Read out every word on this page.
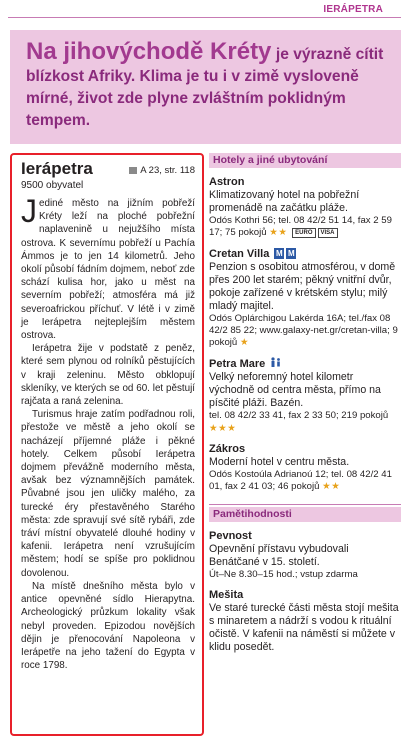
IERÁPETRA
Na jihovýchodě Kréty je výrazně cítit blízkost Afriky. Klima je tu i v zimě vysloveně mírné, život zde plyne zvláštním poklidným tempem.
Ierápetra	A 23, str. 118
9500 obyvatel

Jediné město na jižním pobřeží Kréty leží na ploché pobřežní naplavenině u nejužšího místa ostrova. K severnímu pobřeží u Pachía Ámmos je to jen 14 kilometrů. Jeho okolí působí fádním dojmem, neboť zde schází kulisa hor, jako u měst na severním pobřeží; atmosféra má již severoafrickou příchuť. V létě i v zimě je Ierápetra nejteplejším městem ostrova.

Ierápetra žije v podstatě z peněz, které sem plynou od rolníků pěstujících v kraji zeleninu. Město obklopují skleníky, ve kterých se od 60. let pěstují rajčata a raná zelenina.

Turismus hraje zatím podřadnou roli, přestože ve městě a jeho okolí se nacházejí příjemné pláže i pěkné hotely. Celkem působí Ierápetra dojmem převážně moderního města, avšak bez významnějších památek. Půvabné jsou jen uličky malého, za turecké éry přestavěného Starého města: zde spravují své sítě rybáři, zde tráví místní obyvatelé dlouhé hodiny v kafenii. Ierápetra není vzrušujícím městem; hodí se spíše pro poklidnou dovolenou.

Na místě dnešního města bylo v antice opevněné sídlo Hierapytna. Archeologický průzkum lokality však nebyl proveden. Epizodou novějších dějin je přenocování Napoleona v Ierápetře na jeho tažení do Egypta v roce 1798.

Hotely a jiné ubytování
Astron
Klimatizovaný hotel na pobřežní promenádě na začátku pláže.
Odós Kothri 56; tel. 08 42/2 51 14, fax 2 59 17; 75 pokojů ★★ EURO VISA
Cretan Villa M M
Penzion s osobitou atmosférou, v domě přes 200 let starém; pěkný vnitřní dvůr, pokoje zařízené v krétském stylu; milý mladý majitel.
Odós Oplárchigou Lakérda 16A; tel./fax 08 42/2 85 22; www.galaxy-net.gr/cretan-villa; 9 pokojů ★
Petra Mare
Velký neforemný hotel kilometr východně od centra města, přímo na písčité pláži. Bazén.
tel. 08 42/2 33 41, fax 2 33 50; 219 pokojů ★★★
Zákros
Moderní hotel v centru města.
Odós Kostoúla Adrianoú 12; tel. 08 42/2 41 01, fax 2 41 03; 46 pokojů ★★
Pamětihodnosti
Pevnost
Opevnění přístavu vybudovali Benátčané v 15. století.
Út–Ne 8.30–15 hod.; vstup zdarma
Mešita
Ve staré turecké části města stojí mešita s minaretem a nádrží s vodou k rituální očistě. V kafenii na náměstí si můžete v klidu posedět.
